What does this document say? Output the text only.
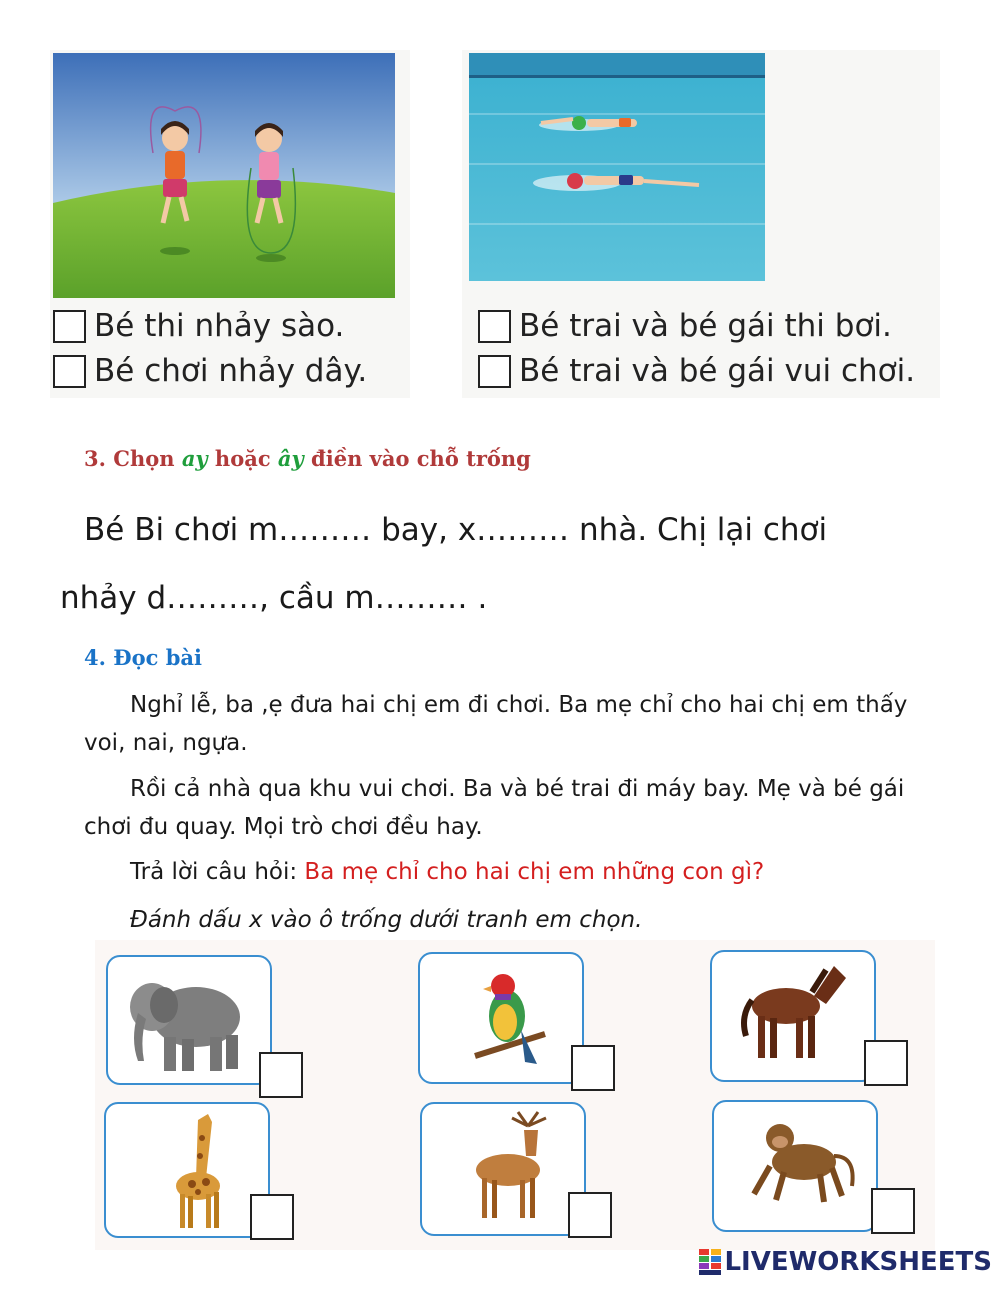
Bé thi nhảy sào.
Bé chơi nhảy dây.
Bé trai và bé gái thi bơi.
Bé trai và bé gái vui chơi.
3. Chọn ay hoặc ây điền vào chỗ trống
Bé Bi chơi m……… bay, x……… nhà. Chị lại chơi
nhảy d………, cầu m……… .
4. Đọc bài
Nghỉ lễ, ba ,ẹ đưa hai chị em đi chơi. Ba mẹ chỉ cho hai chị em thấy voi, nai, ngựa.
Rồi cả nhà qua khu vui chơi. Ba và bé trai đi máy bay. Mẹ và bé gái chơi đu quay. Mọi trò chơi đều hay.
Trả lời câu hỏi: Ba mẹ chỉ cho hai chị em những con gì?
Đánh dấu x vào ô trống dưới tranh em chọn.
LIVEWORKSHEETS
